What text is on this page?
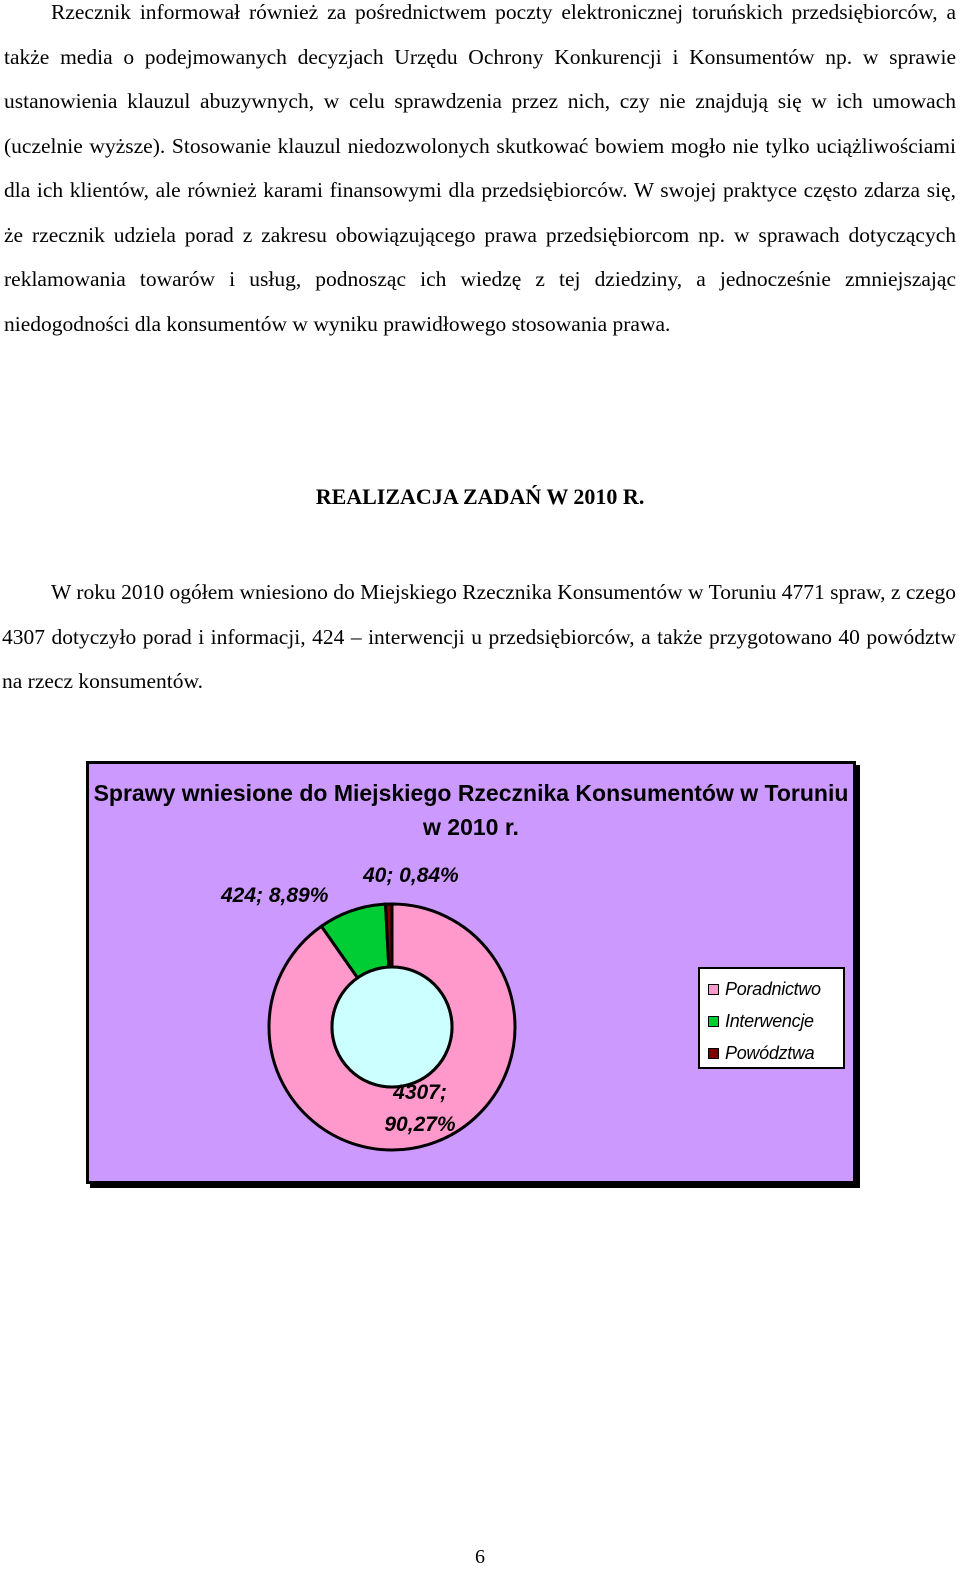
Rzecznik informował również za pośrednictwem poczty elektronicznej toruńskich przedsiębiorców, a także media o podejmowanych decyzjach Urzędu Ochrony Konkurencji i Konsumentów np. w sprawie ustanowienia klauzul abuzywnych, w celu sprawdzenia przez nich, czy nie znajdują się w ich umowach (uczelnie wyższe). Stosowanie klauzul niedozwolonych skutkować bowiem mogło nie tylko uciążliwościami dla ich klientów, ale również karami finansowymi dla przedsiębiorców. W swojej praktyce często zdarza się, że rzecznik udziela porad z zakresu obowiązującego prawa przedsiębiorcom np. w sprawach dotyczących reklamowania towarów i usług, podnosząc ich wiedzę z tej dziedziny, a jednocześnie zmniejszając niedogodności dla konsumentów w wyniku prawidłowego stosowania prawa.

REALIZACJA ZADAŃ W 2010 R.

W roku 2010 ogółem wniesiono do Miejskiego Rzecznika Konsumentów w Toruniu 4771 spraw, z czego 4307 dotyczyło porad i informacji, 424 – interwencji u przedsiębiorców, a także przygotowano 40 powództw na rzecz konsumentów.

Sprawy wniesione do Miejskiego Rzecznika Konsumentów w Toruniu w 2010 r.
424; 8,89%
40; 0,84%
4307; 90,27%
Poradnictwo
Interwencje
Powództwa
6
